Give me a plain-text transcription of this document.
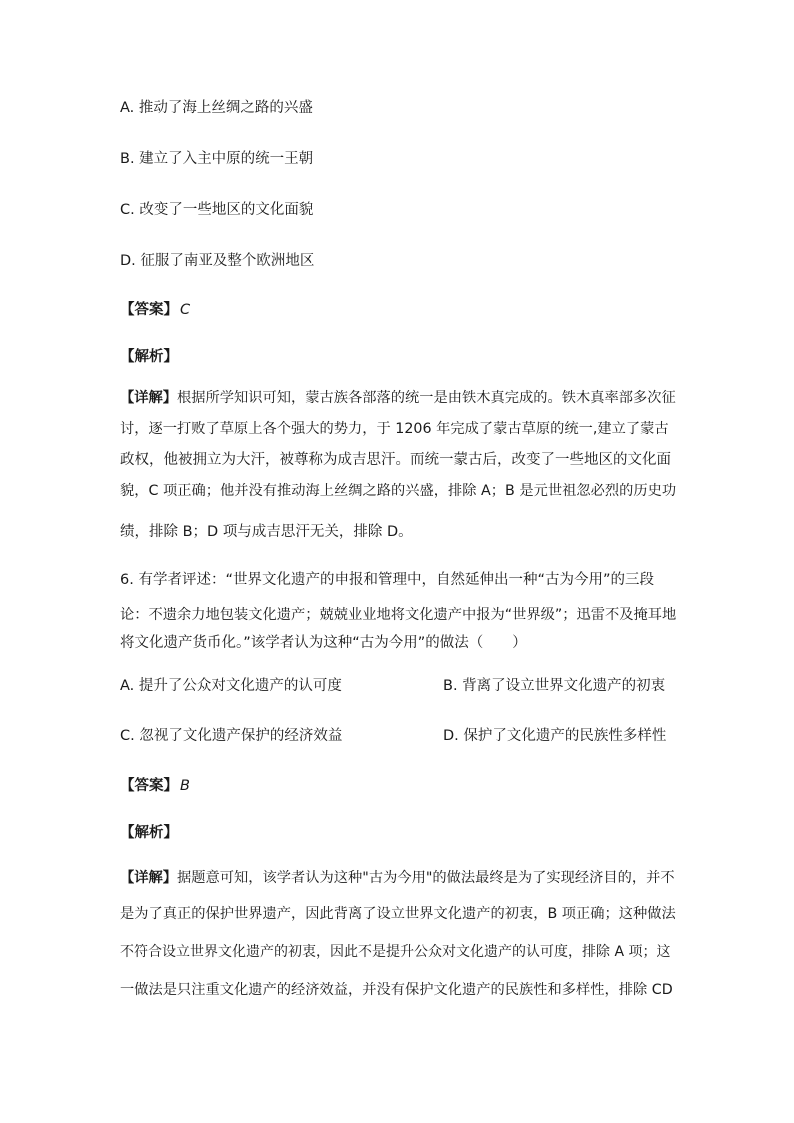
A. 推动了海上丝绸之路的兴盛
B. 建立了入主中原的统一王朝
C. 改变了一些地区的文化面貌
D. 征服了南亚及整个欧洲地区
【答案】 C
【解析】
【详解】根据所学知识可知，蒙古族各部落的统一是由铁木真完成的。铁木真率部多次征
讨，逐一打败了草原上各个强大的势力，于 1206 年完成了蒙古草原的统一,建立了蒙古
政权，他被拥立为大汗，被尊称为成吉思汗。而统一蒙古后，改变了一些地区的文化面
貌，C 项正确；他并没有推动海上丝绸之路的兴盛，排除 A；B 是元世祖忽必烈的历史功
绩，排除 B；D 项与成吉思汗无关，排除 D。
6. 有学者评述：“世界文化遗产的申报和管理中，自然延伸出一种“古为今用”的三段
论：不遗余力地包装文化遗产；兢兢业业地将文化遗产中报为“世界级”；迅雷不及掩耳地
将文化遗产货币化。”该学者认为这种“古为今用”的做法（　　）
A. 提升了公众对文化遗产的认可度	B. 背离了设立世界文化遗产的初衷
C. 忽视了文化遗产保护的经济效益	D. 保护了文化遗产的民族性多样性
【答案】 B
【解析】
【详解】据题意可知，该学者认为这种"古为今用"的做法最终是为了实现经济目的，并不
是为了真正的保护世界遗产，因此背离了设立世界文化遗产的初衷，B 项正确；这种做法
不符合设立世界文化遗产的初衷，因此不是提升公众对文化遗产的认可度，排除 A 项；这
一做法是只注重文化遗产的经济效益，并没有保护文化遗产的民族性和多样性，排除 CD
